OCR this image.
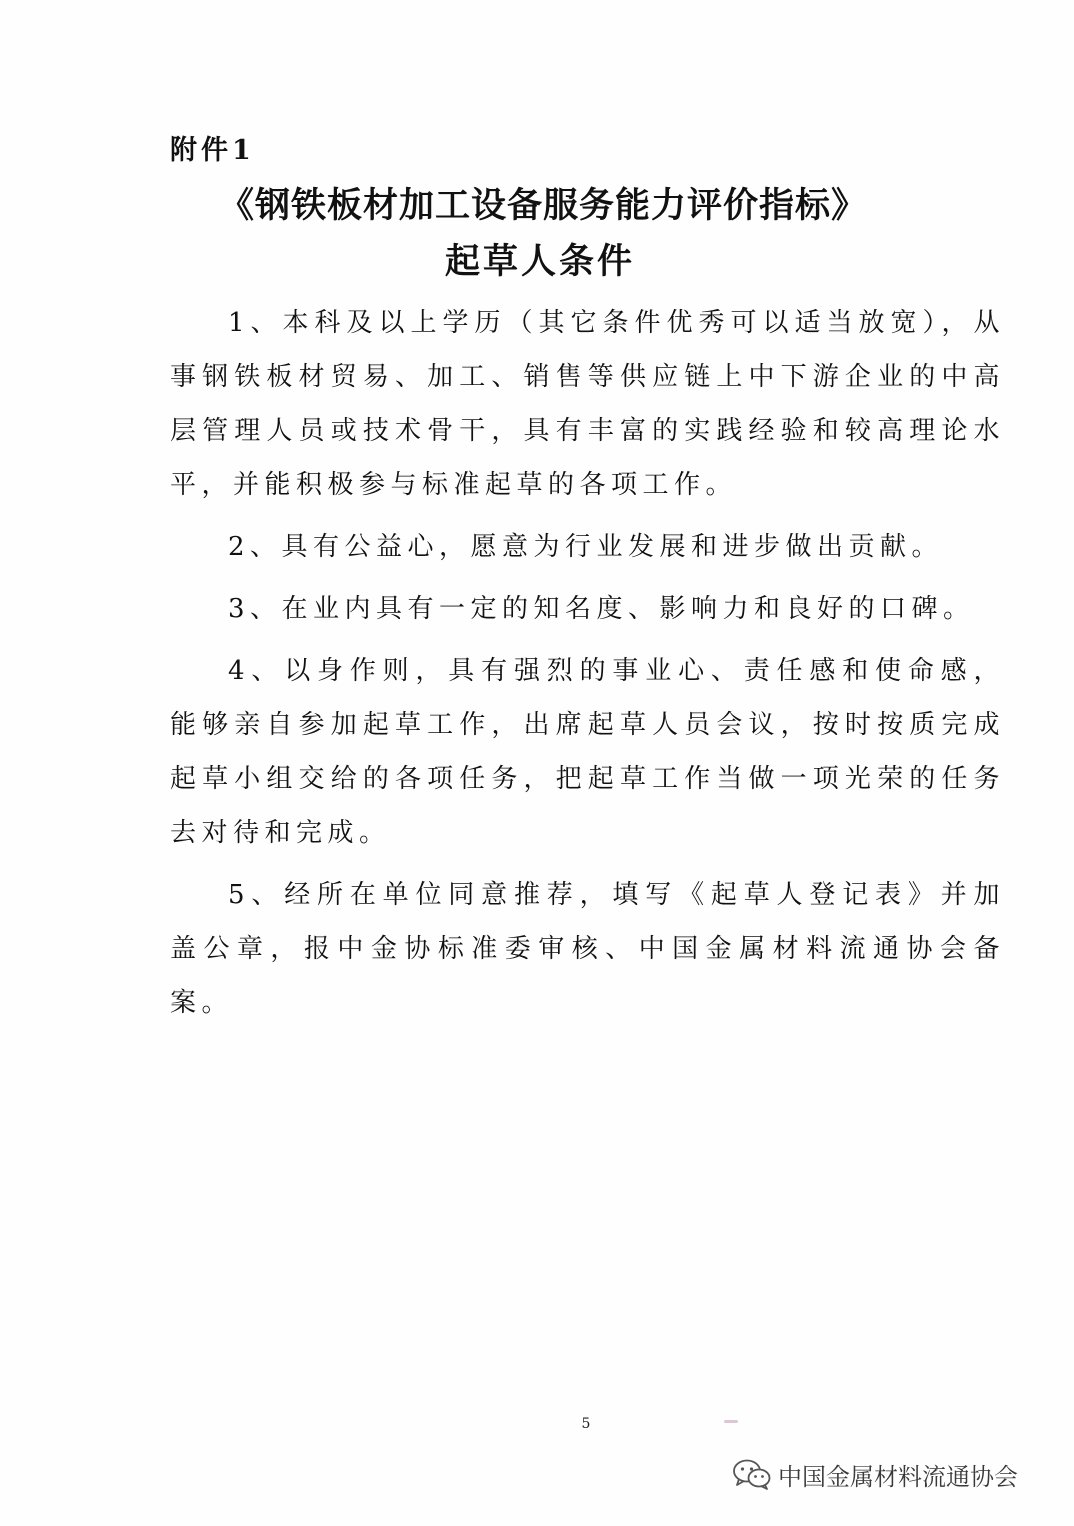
附件1
《钢铁板材加工设备服务能力评价指标》
起草人条件

1、本科及以上学历（其它条件优秀可以适当放宽），从事钢铁板材贸易、加工、销售等供应链上中下游企业的中高层管理人员或技术骨干，具有丰富的实践经验和较高理论水平，并能积极参与标准起草的各项工作。

2、具有公益心，愿意为行业发展和进步做出贡献。

3、在业内具有一定的知名度、影响力和良好的口碑。

4、以身作则，具有强烈的事业心、责任感和使命感，能够亲自参加起草工作，出席起草人员会议，按时按质完成起草小组交给的各项任务，把起草工作当做一项光荣的任务去对待和完成。

5、经所在单位同意推荐，填写《起草人登记表》并加盖公章，报中金协标准委审核、中国金属材料流通协会备案。

5
中国金属材料流通协会
